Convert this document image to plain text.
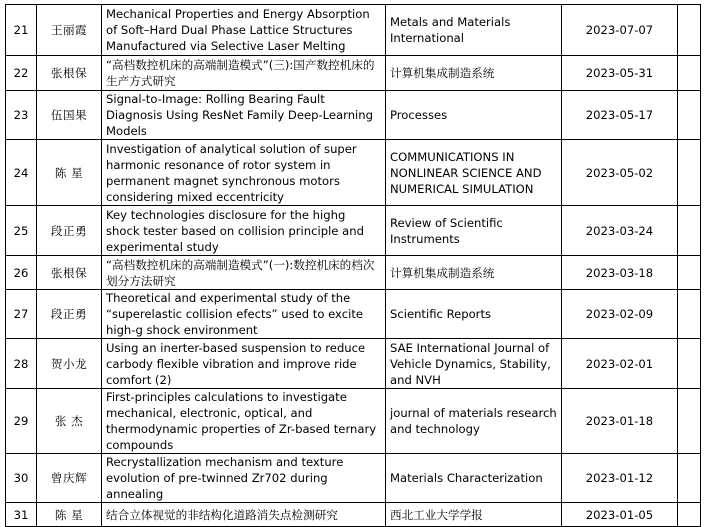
21	王丽霞	Mechanical Properties and Energy Absorption of Soft–Hard Dual Phase Lattice Structures Manufactured via Selective Laser Melting	Metals and Materials International	2023-07-07	
22	张根保	“高档数控机床的高端制造模式”(三):国产数控机床的生产方式研究	计算机集成制造系统	2023-05-31	
23	伍国果	Signal-to-Image: Rolling Bearing Fault Diagnosis Using ResNet Family Deep-Learning Models	Processes	2023-05-17	
24	陈 星	Investigation of analytical solution of super harmonic resonance of rotor system in permanent magnet synchronous motors considering mixed eccentricity	COMMUNICATIONS IN NONLINEAR SCIENCE AND NUMERICAL SIMULATION	2023-05-02	
25	段正勇	Key technologies disclosure for the highg shock tester based on collision principle and experimental study	Review of Scientific Instruments	2023-03-24	
26	张根保	“高档数控机床的高端制造模式”(一):数控机床的档次划分方法研究	计算机集成制造系统	2023-03-18	
27	段正勇	Theoretical and experimental study of the “superelastic collision efects” used to excite high-g shock environment	Scientific Reports	2023-02-09	
28	贺小龙	Using an inerter-based suspension to reduce carbody flexible vibration and improve ride comfort (2)	SAE International Journal of Vehicle Dynamics, Stability, and NVH	2023-02-01	
29	张 杰	First-principles calculations to investigate mechanical, electronic, optical, and thermodynamic properties of Zr-based ternary compounds	journal of materials research and technology	2023-01-18	
30	曾庆辉	Recrystallization mechanism and texture evolution of pre-twinned Zr702 during annealing	Materials Characterization	2023-01-12	
31	陈 星	结合立体视觉的非结构化道路消失点检测研究	西北工业大学学报	2023-01-05	
